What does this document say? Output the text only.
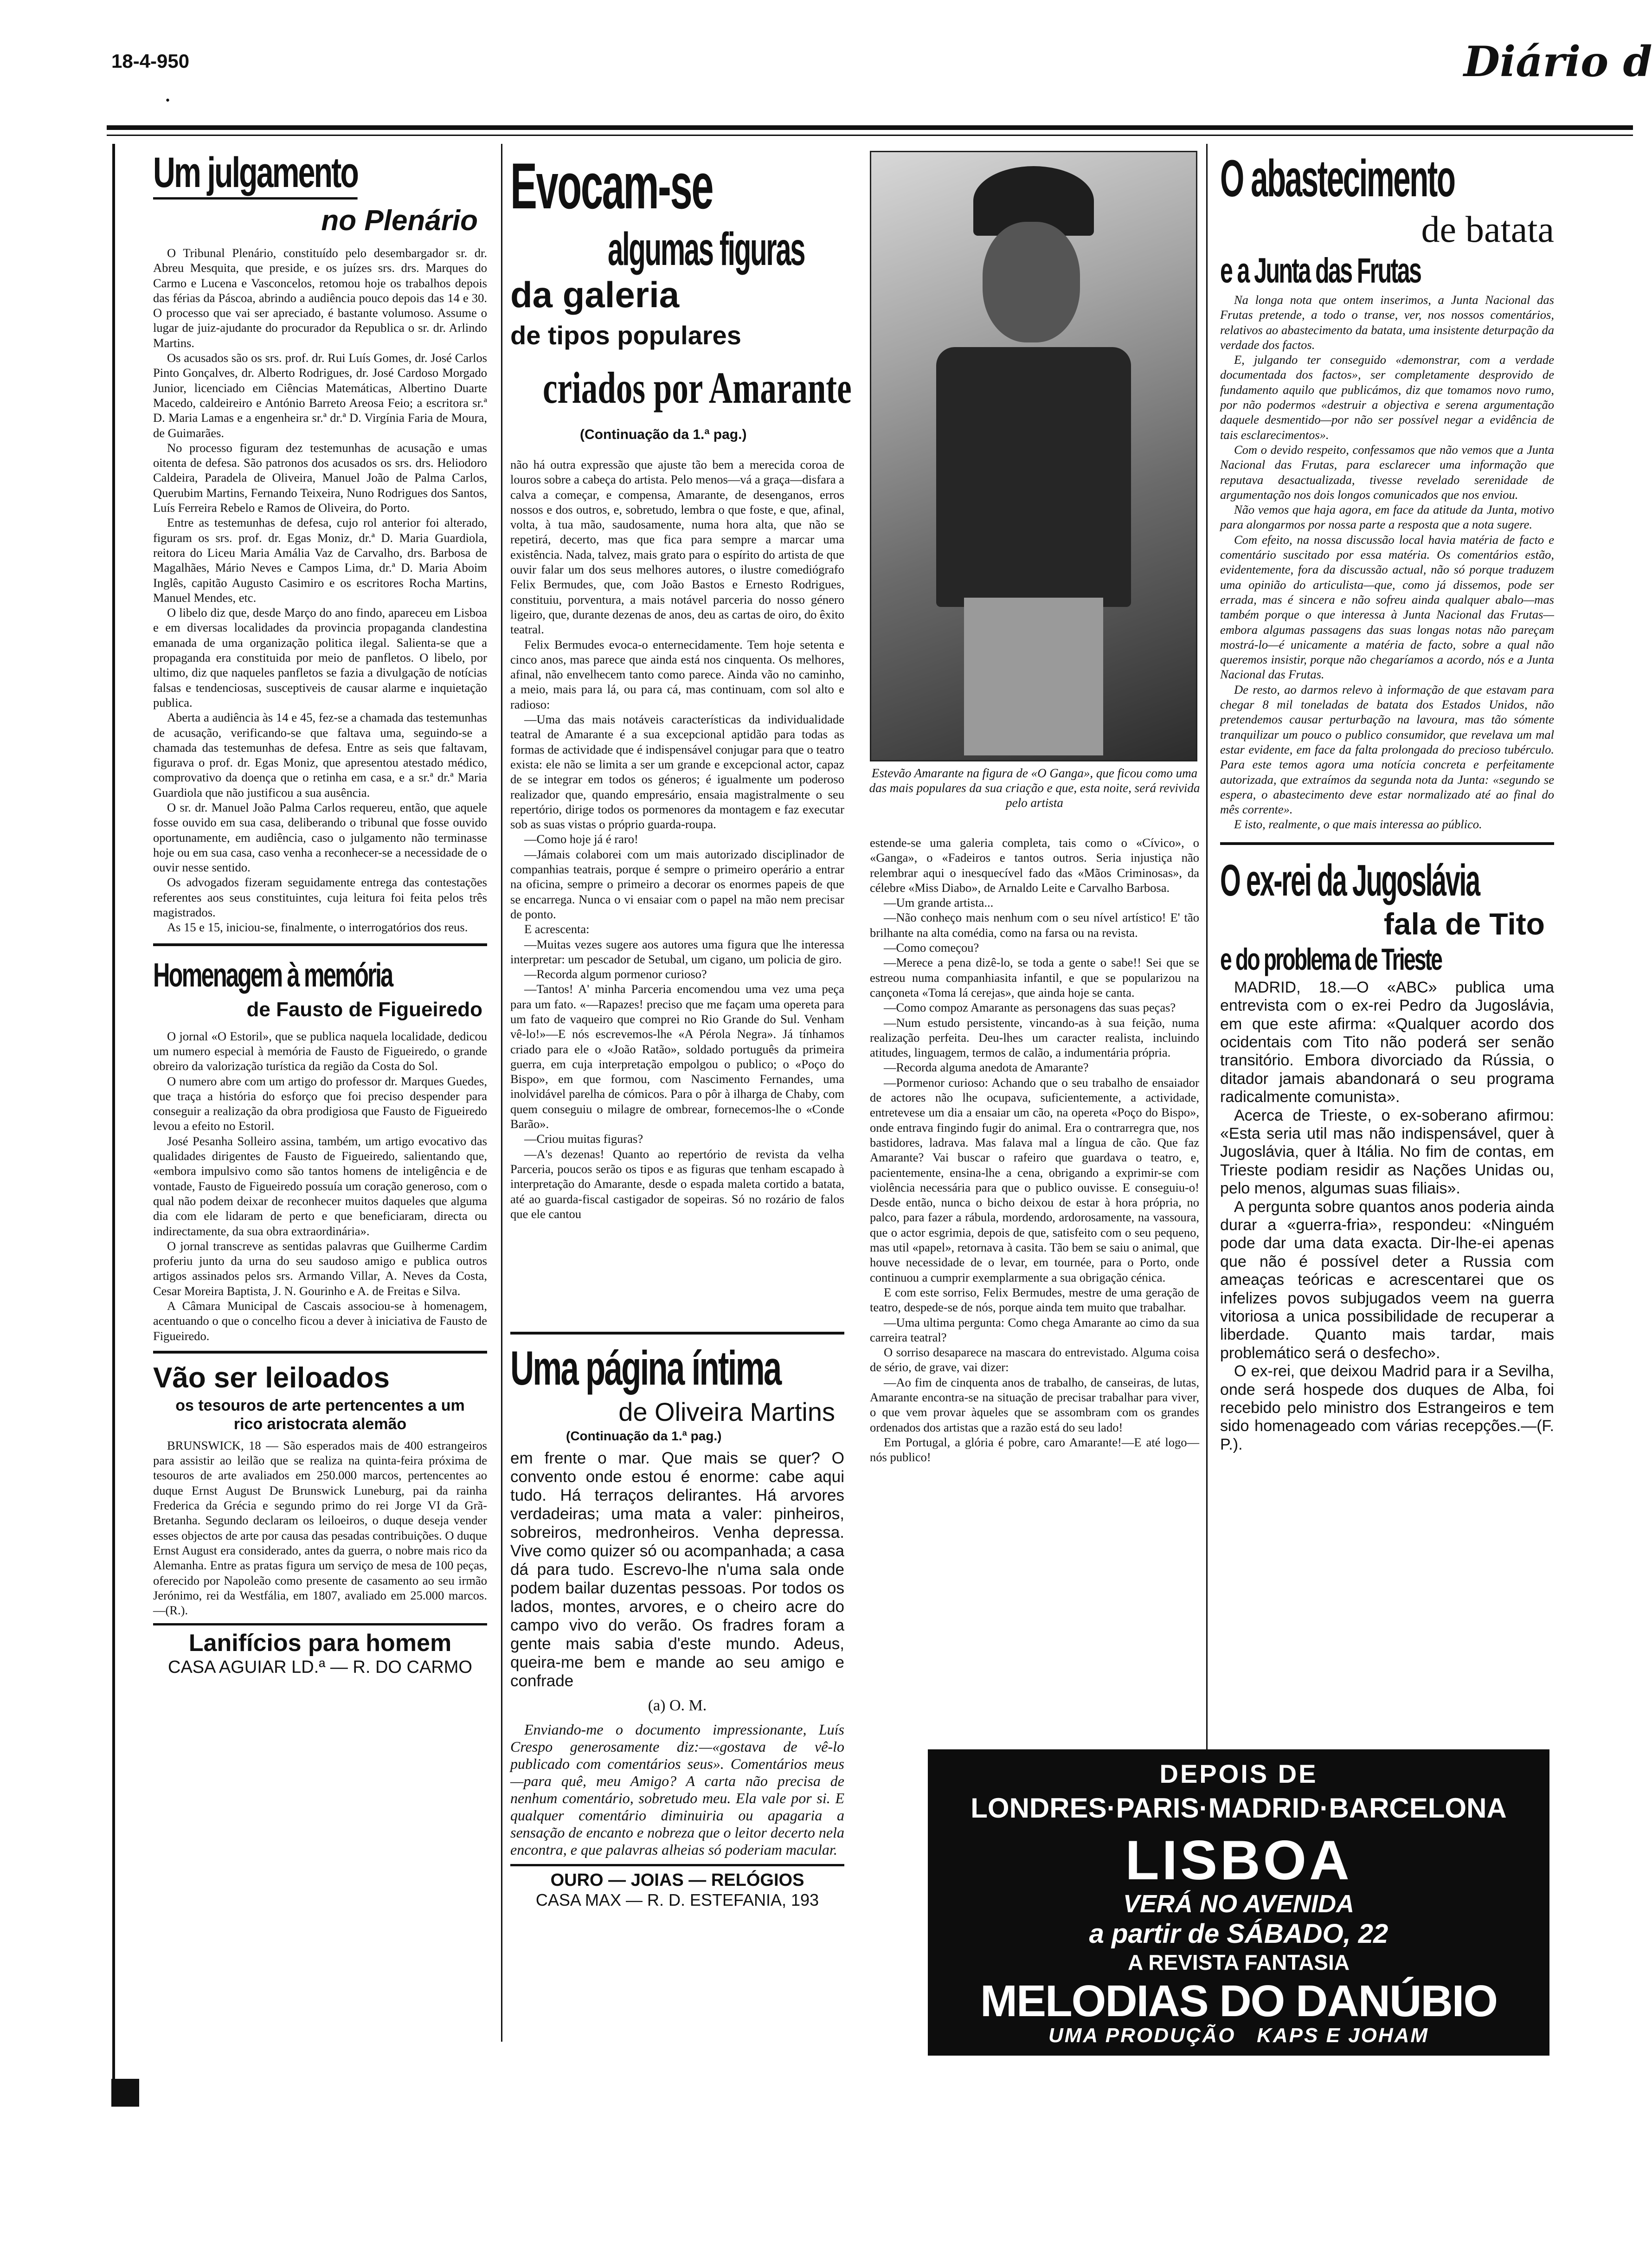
18-4-950
•
Diário d
Um julgamento
no Plenário

O Tribunal Plenário, constituído pelo desembargador sr. dr. Abreu Mesquita, que preside, e os juízes srs. drs. Marques do Carmo e Lucena e Vasconcelos, retomou hoje os trabalhos depois das férias da Páscoa, abrindo a audiência pouco depois das 14 e 30. O processo que vai ser apreciado, é bastante volumoso. Assume o lugar de juiz-ajudante do procurador da Republica o sr. dr. Arlindo Martins.

Os acusados são os srs. prof. dr. Rui Luís Gomes, dr. José Carlos Pinto Gonçalves, dr. Alberto Rodrigues, dr. José Cardoso Morgado Junior, licenciado em Ciências Matemáticas, Albertino Duarte Macedo, caldeireiro e António Barreto Areosa Feio; a escritora sr.ª D. Maria Lamas e a engenheira sr.ª dr.ª D. Virgínia Faria de Moura, de Guimarães.

No processo figuram dez testemunhas de acusação e umas oitenta de defesa. São patronos dos acusados os srs. drs. Heliodoro Caldeira, Paradela de Oliveira, Manuel João de Palma Carlos, Querubim Martins, Fernando Teixeira, Nuno Rodrigues dos Santos, Luís Ferreira Rebelo e Ramos de Oliveira, do Porto.

Entre as testemunhas de defesa, cujo rol anterior foi alterado, figuram os srs. prof. dr. Egas Moniz, dr.ª D. Maria Guardiola, reitora do Liceu Maria Amália Vaz de Carvalho, drs. Barbosa de Magalhães, Mário Neves e Campos Lima, dr.ª D. Maria Aboim Inglês, capitão Augusto Casimiro e os escritores Rocha Martins, Manuel Mendes, etc.

O libelo diz que, desde Março do ano findo, apareceu em Lisboa e em diversas localidades da provincia propaganda clandestina emanada de uma organização politica ilegal. Salienta-se que a propaganda era constituida por meio de panfletos. O libelo, por ultimo, diz que naqueles panfletos se fazia a divulgação de notícias falsas e tendenciosas, susceptiveis de causar alarme e inquietação publica.

Aberta a audiência às 14 e 45, fez-se a chamada das testemunhas de acusação, verificando-se que faltava uma, seguindo-se a chamada das testemunhas de defesa. Entre as seis que faltavam, figurava o prof. dr. Egas Moniz, que apresentou atestado médico, comprovativo da doença que o retinha em casa, e a sr.ª dr.ª Maria Guardiola que não justificou a sua ausência.

O sr. dr. Manuel João Palma Carlos requereu, então, que aquele fosse ouvido em sua casa, deliberando o tribunal que fosse ouvido oportunamente, em audiência, caso o julgamento não terminasse hoje ou em sua casa, caso venha a reconhecer-se a necessidade de o ouvir nesse sentido.

Os advogados fizeram seguidamente entrega das contestações referentes aos seus constituintes, cuja leitura foi feita pelos três magistrados.

As 15 e 15, iniciou-se, finalmente, o interrogatórios dos reus.

Homenagem à memória
de Fausto de Figueiredo

O jornal «O Estoril», que se publica naquela localidade, dedicou um numero especial à memória de Fausto de Figueiredo, o grande obreiro da valorização turística da região da Costa do Sol.

O numero abre com um artigo do professor dr. Marques Guedes, que traça a história do esforço que foi preciso despender para conseguir a realização da obra prodigiosa que Fausto de Figueiredo levou a efeito no Estoril.

José Pesanha Solleiro assina, também, um artigo evocativo das qualidades dirigentes de Fausto de Figueiredo, salientando que, «embora impulsivo como são tantos homens de inteligência e de vontade, Fausto de Figueiredo possuía um coração generoso, com o qual não podem deixar de reconhecer muitos daqueles que alguma dia com ele lidaram de perto e que beneficiaram, directa ou indirectamente, da sua obra extraordinária».

O jornal transcreve as sentidas palavras que Guilherme Cardim proferiu junto da urna do seu saudoso amigo e publica outros artigos assinados pelos srs. Armando Villar, A. Neves da Costa, Cesar Moreira Baptista, J. N. Gourinho e A. de Freitas e Silva.

A Câmara Municipal de Cascais associou-se à homenagem, acentuando o que o concelho ficou a dever à iniciativa de Fausto de Figueiredo.

Vão ser leiloados
os tesouros de arte pertencentes a um rico aristocrata alemão

BRUNSWICK, 18 — São esperados mais de 400 estrangeiros para assistir ao leilão que se realiza na quinta-feira próxima de tesouros de arte avaliados em 250.000 marcos, pertencentes ao duque Ernst August De Brunswick Luneburg, pai da rainha Frederica da Grécia e segundo primo do rei Jorge VI da Grã-Bretanha. Segundo declaram os leiloeiros, o duque deseja vender esses objectos de arte por causa das pesadas contribuições. O duque Ernst August era considerado, antes da guerra, o nobre mais rico da Alemanha. Entre as pratas figura um serviço de mesa de 100 peças, oferecido por Napoleão como presente de casamento ao seu irmão Jerónimo, rei da Westfália, em 1807, avaliado em 25.000 marcos.—(R.).

Lanifícios para homem
CASA AGUIAR LD.ª — R. DO CARMO
Evocam-se
algumas figuras
da galeria
de tipos populares
criados por Amarante
(Continuação da 1.ª pag.)
Estevão Amarante na figura de «O Ganga», que ficou como uma das mais populares da sua criação e que, esta noite, será revivida pelo artista

não há outra expressão que ajuste tão bem a merecida coroa de louros sobre a cabeça do artista. Pelo menos—vá a graça—disfara a calva a começar, e compensa, Amarante, de desenganos, erros nossos e dos outros, e, sobretudo, lembra o que foste, e que, afinal, volta, à tua mão, saudosamente, numa hora alta, que não se repetirá, decerto, mas que fica para sempre a marcar uma existência. Nada, talvez, mais grato para o espírito do artista de que ouvir falar um dos seus melhores autores, o ilustre comediógrafo Felix Bermudes, que, com João Bastos e Ernesto Rodrigues, constituiu, porventura, a mais notável parceria do nosso género ligeiro, que, durante dezenas de anos, deu as cartas de oiro, do êxito teatral.

Felix Bermudes evoca-o enternecidamente. Tem hoje setenta e cinco anos, mas parece que ainda está nos cinquenta. Os melhores, afinal, não envelhecem tanto como parece. Ainda vão no caminho, a meio, mais para lá, ou para cá, mas continuam, com sol alto e radioso:

—Uma das mais notáveis características da individualidade teatral de Amarante é a sua excepcional aptidão para todas as formas de actividade que é indispensável conjugar para que o teatro exista: ele não se limita a ser um grande e excepcional actor, capaz de se integrar em todos os géneros; é igualmente um poderoso realizador que, quando empresário, ensaia magistralmente o seu repertório, dirige todos os pormenores da montagem e faz executar sob as suas vistas o próprio guarda-roupa.

—Como hoje já é raro!

—Jámais colaborei com um mais autorizado disciplinador de companhias teatrais, porque é sempre o primeiro operário a entrar na oficina, sempre o primeiro a decorar os enormes papeis de que se encarrega. Nunca o vi ensaiar com o papel na mão nem precisar de ponto.

E acrescenta:

—Muitas vezes sugere aos autores uma figura que lhe interessa interpretar: um pescador de Setubal, um cigano, um policia de giro.

—Recorda algum pormenor curioso?

—Tantos! A' minha Parceria encomendou uma vez uma peça para um fato. «—Rapazes! preciso que me façam uma opereta para um fato de vaqueiro que comprei no Rio Grande do Sul. Venham vê-lo!»—E nós escrevemos-lhe «A Pérola Negra». Já tínhamos criado para ele o «João Ratão», soldado português da primeira guerra, em cuja interpretação empolgou o publico; o «Poço do Bispo», em que formou, com Nascimento Fernandes, uma inolvidável parelha de cómicos. Para o pôr à ilharga de Chaby, com quem conseguiu o milagre de ombrear, fornecemos-lhe o «Conde Barão».

—Criou muitas figuras?

—A's dezenas! Quanto ao repertório de revista da velha Parceria, poucos serão os tipos e as figuras que tenham escapado à interpretação do Amarante, desde o espada maleta cortido a batata, até ao guarda-fiscal castigador de sopeiras. Só no rozário de falos que ele cantou

estende-se uma galeria completa, tais como o «Cívico», o «Ganga», o «Fadeiros e tantos outros. Seria injustiça não relembrar aqui o inesquecível fado das «Mãos Criminosas», da célebre «Miss Diabo», de Arnaldo Leite e Carvalho Barbosa.

—Um grande artista...

—Não conheço mais nenhum com o seu nível artístico! E' tão brilhante na alta comédia, como na farsa ou na revista.

—Como começou?

—Merece a pena dizê-lo, se toda a gente o sabe!! Sei que se estreou numa companhiasita infantil, e que se popularizou na cançoneta «Toma lá cerejas», que ainda hoje se canta.

—Como compoz Amarante as personagens das suas peças?

—Num estudo persistente, vincando-as à sua feição, numa realização perfeita. Deu-lhes um caracter realista, incluindo atitudes, linguagem, termos de calão, a indumentária própria.

—Recorda alguma anedota de Amarante?

—Pormenor curioso: Achando que o seu trabalho de ensaiador de actores não lhe ocupava, suficientemente, a actividade, entretevese um dia a ensaiar um cão, na opereta «Poço do Bispo», onde entrava fingindo fugir do animal. Era o contrarregra que, nos bastidores, ladrava. Mas falava mal a língua de cão. Que faz Amarante? Vai buscar o rafeiro que guardava o teatro, e, pacientemente, ensina-lhe a cena, obrigando a exprimir-se com violência necessária para que o publico ouvisse. E conseguiu-o! Desde então, nunca o bicho deixou de estar à hora própria, no palco, para fazer a rábula, mordendo, ardorosamente, na vassoura, que o actor esgrimia, depois de que, satisfeito com o seu pequeno, mas util «papel», retornava à casita. Tão bem se saiu o animal, que houve necessidade de o levar, em tournée, para o Porto, onde continuou a cumprir exemplarmente a sua obrigação cénica.

E com este sorriso, Felix Bermudes, mestre de uma geração de teatro, despede-se de nós, porque ainda tem muito que trabalhar.

—Uma ultima pergunta: Como chega Amarante ao cimo da sua carreira teatral?

O sorriso desaparece na mascara do entrevistado. Alguma coisa de sério, de grave, vai dizer:

—Ao fim de cinquenta anos de trabalho, de canseiras, de lutas, Amarante encontra-se na situação de precisar trabalhar para viver, o que vem provar àqueles que se assombram com os grandes ordenados dos artistas que a razão está do seu lado!

Em Portugal, a glória é pobre, caro Amarante!—E até logo—nós publico!

Uma página íntima
de Oliveira Martins
(Continuação da 1.ª pag.)

em frente o mar. Que mais se quer? O convento onde estou é enorme: cabe aqui tudo. Há terraços delirantes. Há arvores verdadeiras; uma mata a valer: pinheiros, sobreiros, medronheiros. Venha depressa. Vive como quizer só ou acompanhada; a casa dá para tudo. Escrevo-lhe n'uma sala onde podem bailar duzentas pessoas. Por todos os lados, montes, arvores, e o cheiro acre do campo vivo do verão. Os fradres foram a gente mais sabia d'este mundo. Adeus, queira-me bem e mande ao seu amigo e confrade

(a) O. M.

Enviando-me o documento impressionante, Luís Crespo generosamente diz:—«gostava de vê-lo publicado com comentários seus». Comentários meus —para quê, meu Amigo? A carta não precisa de nenhum comentário, sobretudo meu. Ela vale por si. E qualquer comentário diminuiria ou apagaria a sensação de encanto e nobreza que o leitor decerto nela encontra, e que palavras alheias só poderiam macular.

OURO — JOIAS — RELÓGIOS
CASA MAX — R. D. ESTEFANIA, 193
O abastecimento
de batata
e a Junta das Frutas

Na longa nota que ontem inserimos, a Junta Nacional das Frutas pretende, a todo o transe, ver, nos nossos comentários, relativos ao abastecimento da batata, uma insistente deturpação da verdade dos factos.

E, julgando ter conseguido «demonstrar, com a verdade documentada dos factos», ser completamente desprovido de fundamento aquilo que publicámos, diz que tomamos novo rumo, por não podermos «destruir a objectiva e serena argumentação daquele desmentido—por não ser possível negar a evidência de tais esclarecimentos».

Com o devido respeito, confessamos que não vemos que a Junta Nacional das Frutas, para esclarecer uma informação que reputava desactualizada, tivesse revelado serenidade de argumentação nos dois longos comunicados que nos enviou.

Não vemos que haja agora, em face da atitude da Junta, motivo para alongarmos por nossa parte a resposta que a nota sugere.

Com efeito, na nossa discussão local havia matéria de facto e comentário suscitado por essa matéria. Os comentários estão, evidentemente, fora da discussão actual, não só porque traduzem uma opinião do articulista—que, como já dissemos, pode ser errada, mas é sincera e não sofreu ainda qualquer abalo—mas também porque o que interessa à Junta Nacional das Frutas—embora algumas passagens das suas longas notas não pareçam mostrá-lo—é unicamente a matéria de facto, sobre a qual não queremos insistir, porque não chegaríamos a acordo, nós e a Junta Nacional das Frutas.

De resto, ao darmos relevo à informação de que estavam para chegar 8 mil toneladas de batata dos Estados Unidos, não pretendemos causar perturbação na lavoura, mas tão sómente tranquilizar um pouco o publico consumidor, que revelava um mal estar evidente, em face da falta prolongada do precioso tubérculo. Para este temos agora uma notícia concreta e perfeitamente autorizada, que extraímos da segunda nota da Junta: «segundo se espera, o abastecimento deve estar normalizado até ao final do mês corrente».

E isto, realmente, o que mais interessa ao público.

O ex-rei da Jugoslávia
fala de Tito
e do problema de Trieste

MADRID, 18.—O «ABC» publica uma entrevista com o ex-rei Pedro da Jugoslávia, em que este afirma: «Qualquer acordo dos ocidentais com Tito não poderá ser senão transitório. Embora divorciado da Rússia, o ditador jamais abandonará o seu programa radicalmente comunista».

Acerca de Trieste, o ex-soberano afirmou: «Esta seria util mas não indispensável, quer à Jugoslávia, quer à Itália. No fim de contas, em Trieste podiam residir as Nações Unidas ou, pelo menos, algumas suas filiais».

A pergunta sobre quantos anos poderia ainda durar a «guerra-fria», respondeu: «Ninguém pode dar uma data exacta. Dir-lhe-ei apenas que não é possível deter a Russia com ameaças teóricas e acrescentarei que os infelizes povos subjugados veem na guerra vitoriosa a unica possibilidade de recuperar a liberdade. Quanto mais tardar, mais problemático será o desfecho».

O ex-rei, que deixou Madrid para ir a Sevilha, onde será hospede dos duques de Alba, foi recebido pelo ministro dos Estrangeiros e tem sido homenageado com várias recepções.—(F. P.).

DEPOIS DE
LONDRES·PARIS·MADRID·BARCELONA
LISBOA
VERÁ NO AVENIDA
a partir de SÁBADO, 22
A REVISTA FANTASIA
MELODIAS DO DANÚBIO
UMA PRODUÇÃO   KAPS E JOHAM
